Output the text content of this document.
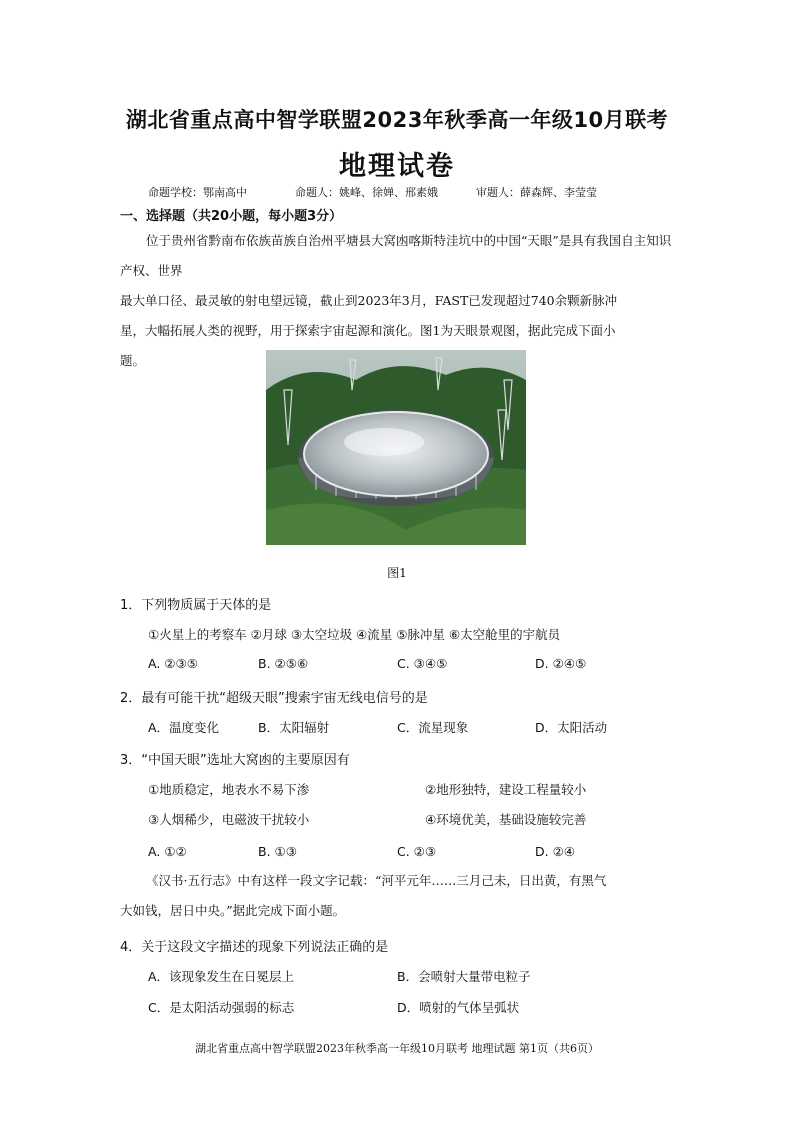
湖北省重点高中智学联盟2023年秋季高一年级10月联考
地理试卷
命题学校：鄂南高中	命题人：姚峰、徐婵、邢素娥	审题人：薛森辉、李莹莹
一、选择题（共20小题，每小题3分）
位于贵州省黔南布依族苗族自治州平塘县大窝凼喀斯特洼坑中的中国“天眼”是具有我国自主知识产权、世界
最大单口径、最灵敏的射电望远镜，截止到2023年3月，FAST已发现超过740余颗新脉冲
星，大幅拓展人类的视野，用于探索宇宙起源和演化。图1为天眼景观图，据此完成下面小
题。
图1
1．下列物质属于天体的是
①火星上的考察车 ②月球 ③太空垃圾 ④流星 ⑤脉冲星 ⑥太空舱里的宇航员
A. ②③⑤	B. ②⑤⑥	C. ③④⑤	D. ②④⑤
2．最有可能干扰“超级天眼”搜索宇宙无线电信号的是
A．温度变化	B．太阳辐射	C．流星现象	D．太阳活动
3．“中国天眼”选址大窝凼的主要原因有
①地质稳定，地表水不易下渗	②地形独特，建设工程量较小
③人烟稀少，电磁波干扰较小	④环境优美，基础设施较完善
A. ①②	B. ①③	C. ②③	D. ②④
《汉书·五行志》中有这样一段文字记载：“河平元年……三月己未，日出黄，有黑气
大如钱，居日中央。”据此完成下面小题。
4．关于这段文字描述的现象下列说法正确的是
A．该现象发生在日冕层上	B．会喷射大量带电粒子
C．是太阳活动强弱的标志	D．喷射的气体呈弧状
湖北省重点高中智学联盟2023年秋季高一年级10月联考 地理试题 第1页（共6页）
